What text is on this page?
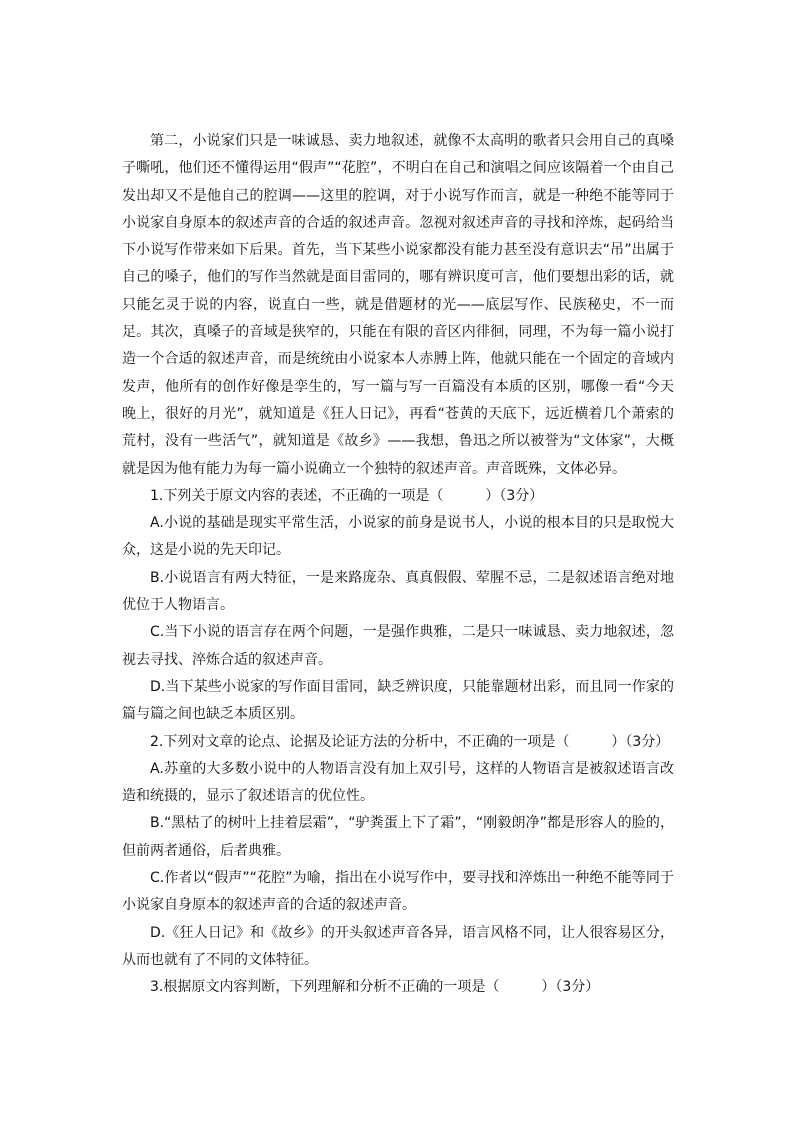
第二，小说家们只是一味诚恳、卖力地叙述，就像不太高明的歌者只会用自己的真嗓子嘶吼，他们还不懂得运用“假声”“花腔”，不明白在自己和演唱之间应该隔着一个由自己发出却又不是他自己的腔调——这里的腔调，对于小说写作而言，就是一种绝不能等同于小说家自身原本的叙述声音的合适的叙述声音。忽视对叙述声音的寻找和淬炼，起码给当下小说写作带来如下后果。首先，当下某些小说家都没有能力甚至没有意识去“吊”出属于自己的嗓子，他们的写作当然就是面目雷同的，哪有辨识度可言，他们要想出彩的话，就只能乞灵于说的内容，说直白一些，就是借题材的光——底层写作、民族秘史，不一而足。其次，真嗓子的音域是狭窄的，只能在有限的音区内徘徊，同理，不为每一篇小说打造一个合适的叙述声音，而是统统由小说家本人赤膊上阵，他就只能在一个固定的音域内发声，他所有的创作好像是孪生的，写一篇与写一百篇没有本质的区别，哪像一看“今天晚上，很好的月光”，就知道是《狂人日记》，再看“苍黄的天底下，远近横着几个萧索的荒村，没有一些活气”，就知道是《故乡》——我想，鲁迅之所以被誉为“文体家”，大概就是因为他有能力为每一篇小说确立一个独特的叙述声音。声音既殊，文体必异。

1.下列关于原文内容的表述，不正确的一项是（　　　）（3分）

A.小说的基础是现实平常生活，小说家的前身是说书人，小说的根本目的只是取悦大众，这是小说的先天印记。

B.小说语言有两大特征，一是来路庞杂、真真假假、荤腥不忌，二是叙述语言绝对地优位于人物语言。

C.当下小说的语言存在两个问题，一是强作典雅，二是只一味诚恳、卖力地叙述，忽视去寻找、淬炼合适的叙述声音。

D.当下某些小说家的写作面目雷同，缺乏辨识度，只能靠题材出彩，而且同一作家的篇与篇之间也缺乏本质区别。

2.下列对文章的论点、论据及论证方法的分析中，不正确的一项是（　　　）（3分）

A.苏童的大多数小说中的人物语言没有加上双引号，这样的人物语言是被叙述语言改造和统摄的，显示了叙述语言的优位性。

B.“黑枯了的树叶上挂着层霜”，“驴粪蛋上下了霜”，“刚毅朗净”都是形容人的脸的，但前两者通俗，后者典雅。

C.作者以“假声”“花腔”为喻，指出在小说写作中，要寻找和淬炼出一种绝不能等同于小说家自身原本的叙述声音的合适的叙述声音。

D.《狂人日记》和《故乡》的开头叙述声音各异，语言风格不同，让人很容易区分，从而也就有了不同的文体特征。

3.根据原文内容判断，下列理解和分析不正确的一项是（　　　）（3分）
